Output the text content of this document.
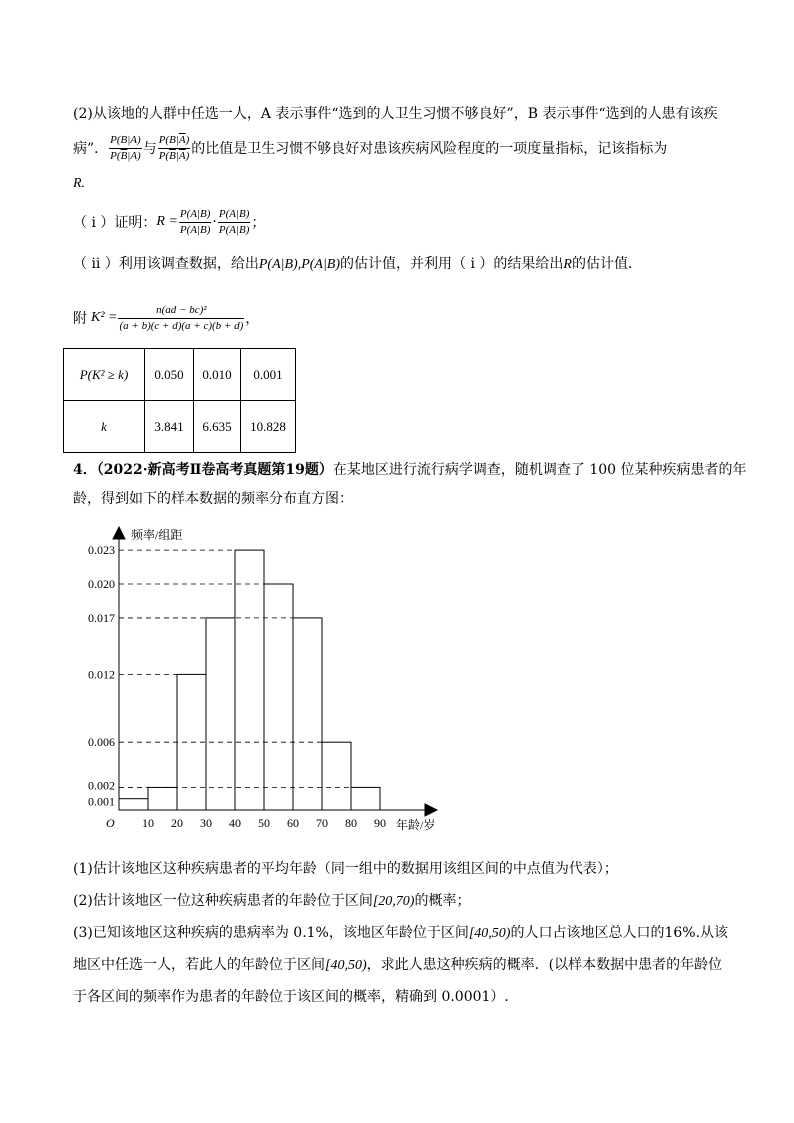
(2)从该地的人群中任选一人，A 表示事件“选到的人卫生习惯不够良好”，B 表示事件“选到的人患有该疾
病”． $\frac{P(B|A)}{P(\overline{B}|A)}$ 与 $\frac{P(B|\overline{A})}{P(\overline{B}|\overline{A})}$ 的比值是卫生习惯不够良好对患该疾病风险程度的一项度量指标，记该指标为
R.
（ i ）证明： $R = \frac{P(A|B)}{P(A|B)} \cdot \frac{P(A|B)}{P(A|B)}$ ；
（ ii ）利用该调查数据，给出P(A|B),P(A|B)的估计值，并利用（ i ）的结果给出R的估计值．
附 $K^2 = \frac{\text{n(ad − bc)²}}{(a + b)(c + d)(a + c)(b + d)}$ ，
P(K² ≥ k)	0.050	0.010	0.001
k	3.841	6.635	10.828
4．（2022·新高考Ⅱ卷高考真题第19题）在某地区进行流行病学调查，随机调查了 100 位某种疾病患者的年
龄，得到如下的样本数据的频率分布直方图：
频率/组距
年龄/岁
O 10 20 30 40 50 60 70 80 90
0.001
0.002
0.006
0.012
0.017
0.020
0.023
(1)估计该地区这种疾病患者的平均年龄（同一组中的数据用该组区间的中点值为代表）；
(2)估计该地区一位这种疾病患者的年龄位于区间[20,70)的概率；
(3)已知该地区这种疾病的患病率为 0.1%，该地区年龄位于区间[40,50)的人口占该地区总人口的16%.从该
地区中任选一人，若此人的年龄位于区间[40,50)，求此人患这种疾病的概率．(以样本数据中患者的年龄位
于各区间的频率作为患者的年龄位于该区间的概率，精确到 0.0001）.
